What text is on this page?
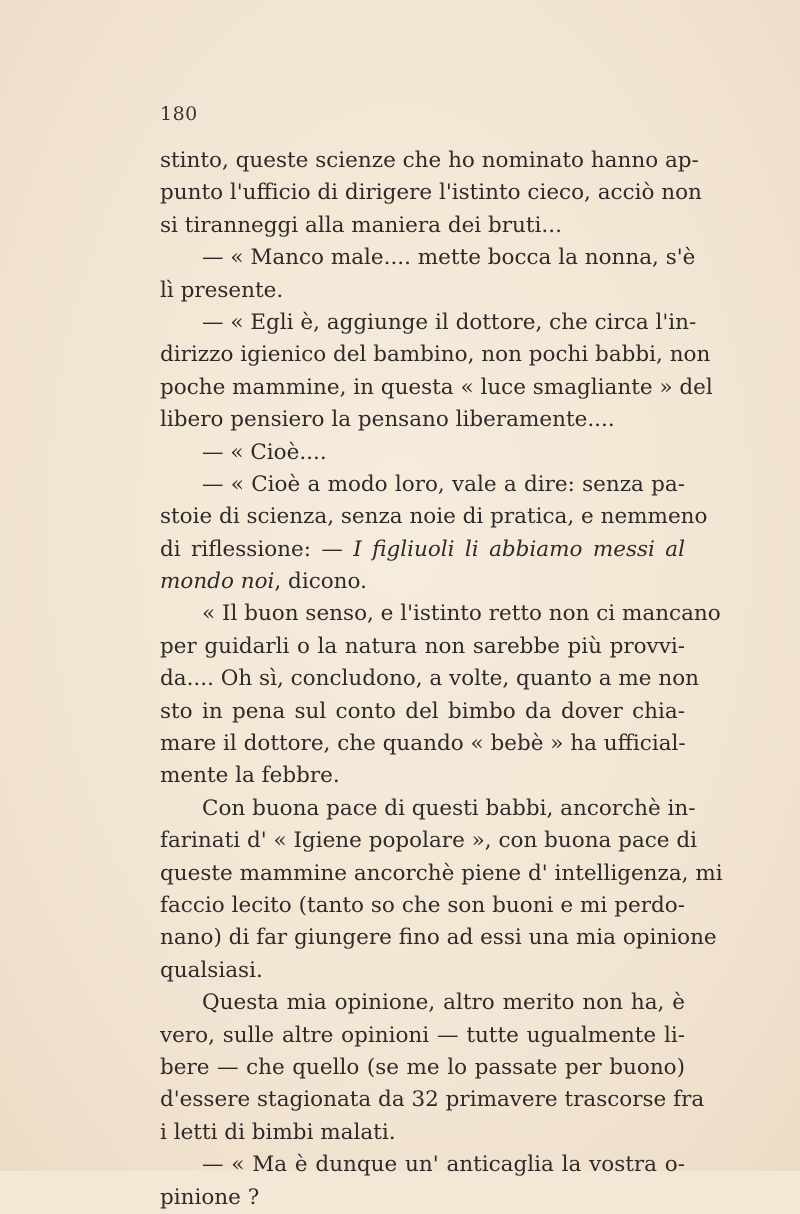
180
stinto, queste scienze che ho nominato hanno ap-
punto l'ufficio di dirigere l'istinto cieco, acciò non
si tiranneggi alla maniera dei bruti...
— « Manco male.... mette bocca la nonna, s'è
lì presente.
— « Egli è, aggiunge il dottore, che circa l'in-
dirizzo igienico del bambino, non pochi babbi, non
poche mammine, in questa « luce smagliante » del
libero pensiero la pensano liberamente....
— « Cioè....
— « Cioè a modo loro, vale a dire: senza pa-
stoie di scienza, senza noie di pratica, e nemmeno
di riflessione: — I figliuoli li abbiamo messi al
mondo noi, dicono.
« Il buon senso, e l'istinto retto non ci mancano
per guidarli o la natura non sarebbe più provvi-
da.... Oh sì, concludono, a volte, quanto a me non
sto in pena sul conto del bimbo da dover chia-
mare il dottore, che quando « bebè » ha ufficial-
mente la febbre.
Con buona pace di questi babbi, ancorchè in-
farinati d' « Igiene popolare », con buona pace di
queste mammine ancorchè piene d' intelligenza, mi
faccio lecito (tanto so che son buoni e mi perdo-
nano) di far giungere fino ad essi una mia opinione
qualsiasi.
Questa mia opinione, altro merito non ha, è
vero, sulle altre opinioni — tutte ugualmente li-
bere — che quello (se me lo passate per buono)
d'essere stagionata da 32 primavere trascorse fra
i letti di bimbi malati.
— « Ma è dunque un' anticaglia la vostra o-
pinione ?
